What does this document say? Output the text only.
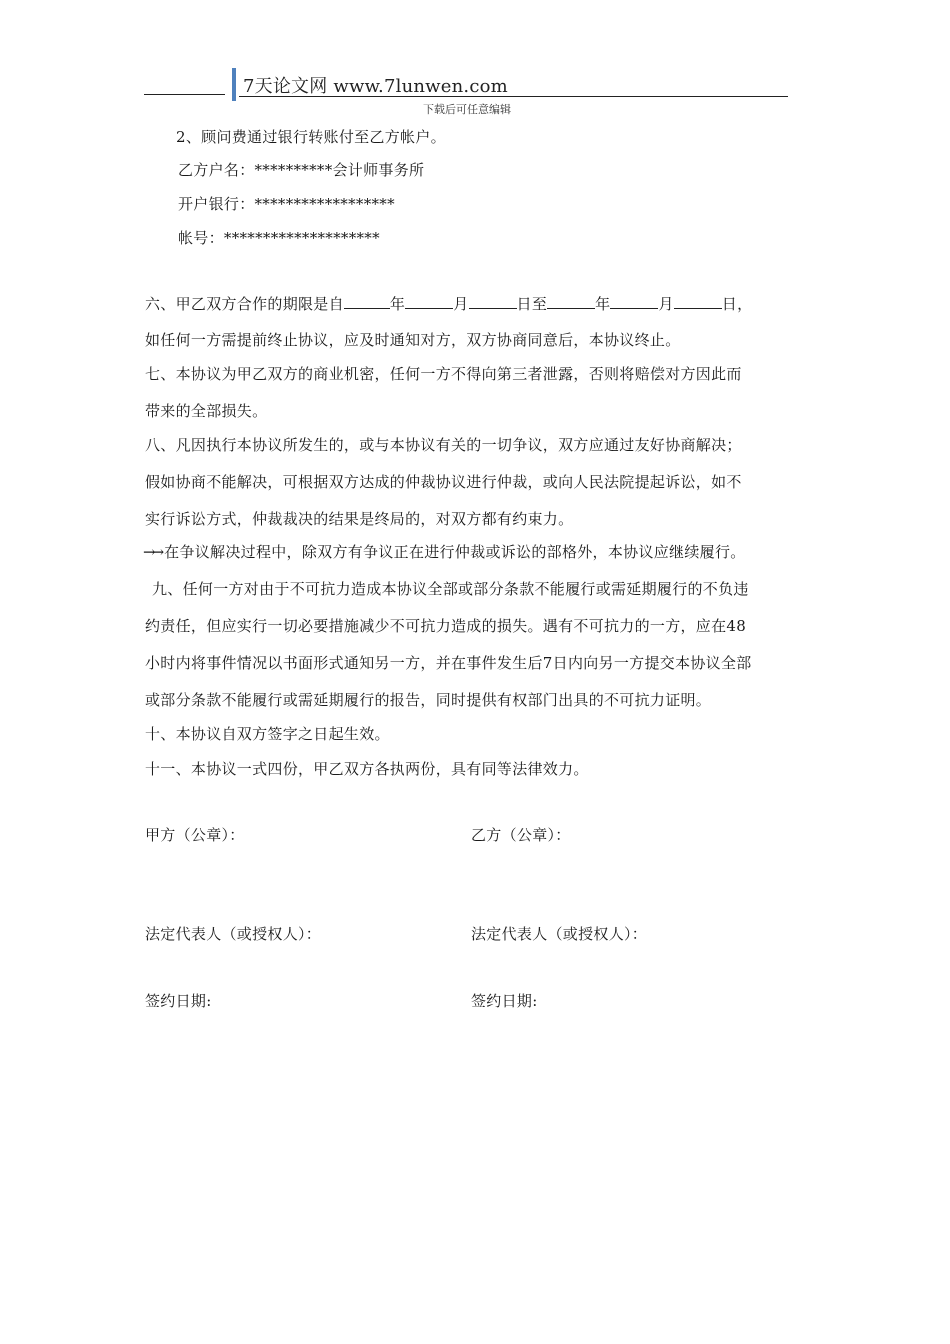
7天论文网 www.7lunwen.com
下载后可任意编辑
2、顾问费通过银行转账付至乙方帐户。
乙方户名：**********会计师事务所
开户银行：******************
帐号：********************
六、甲乙双方合作的期限是自	年	月	日至	年	月	日，
如任何一方需提前终止协议，应及时通知对方，双方协商同意后，本协议终止。
七、本协议为甲乙双方的商业机密，任何一方不得向第三者泄露，否则将赔偿对方因此而
带来的全部损失。
八、凡因执行本协议所发生的，或与本协议有关的一切争议，双方应通过友好协商解决；
假如协商不能解决，可根据双方达成的仲裁协议进行仲裁，或向人民法院提起诉讼，如不
实行诉讼方式，仲裁裁决的结果是终局的，对双方都有约束力。
→→ 在争议解决过程中，除双方有争议正在进行仲裁或诉讼的部格外，本协议应继续履行。
九、任何一方对由于不可抗力造成本协议全部或部分条款不能履行或需延期履行的不负违
约责任，但应实行一切必要措施减少不可抗力造成的损失。遇有不可抗力的一方，应在48
小时内将事件情况以书面形式通知另一方，并在事件发生后7日内向另一方提交本协议全部
或部分条款不能履行或需延期履行的报告，同时提供有权部门出具的不可抗力证明。
十、本协议自双方签字之日起生效。
十一、本协议一式四份，甲乙双方各执两份，具有同等法律效力。
甲方（公章）：	乙方（公章）：
法定代表人（或授权人）：	法定代表人（或授权人）：
签约日期:	签约日期:
